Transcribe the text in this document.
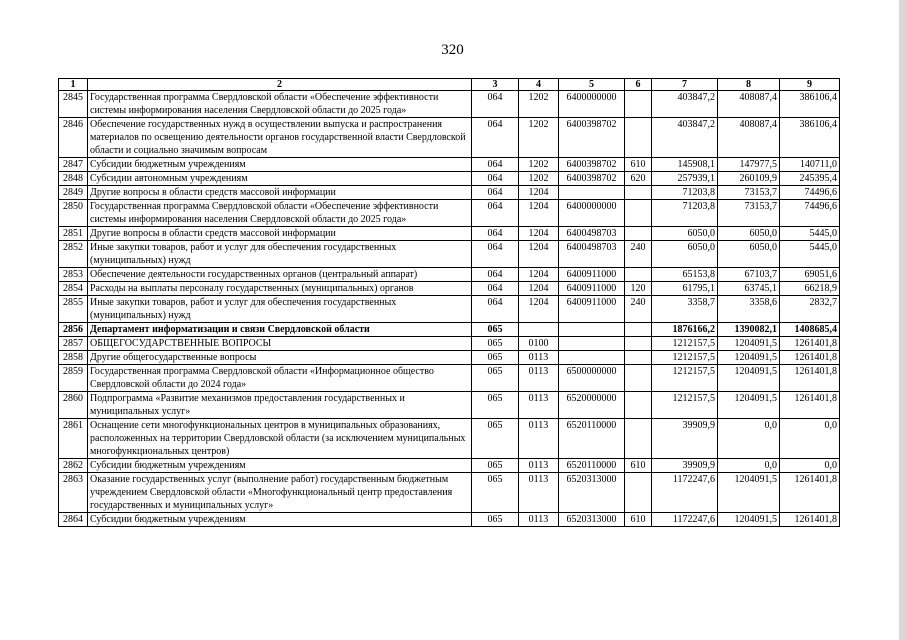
320
1	2	3	4	5	6	7	8	9
2845	Государственная программа Свердловской области «Обеспечение эффективности системы информирования населения Свердловской области до 2025 года»	064	1202	6400000000		403847,2	408087,4	386106,4
2846	Обеспечение государственных нужд в осуществлении выпуска и распространения материалов по освещению деятельности органов государственной власти Свердловской области и социально значимым вопросам	064	1202	6400398702		403847,2	408087,4	386106,4
2847	Субсидии бюджетным учреждениям	064	1202	6400398702	610	145908,1	147977,5	140711,0
2848	Субсидии автономным учреждениям	064	1202	6400398702	620	257939,1	260109,9	245395,4
2849	Другие вопросы в области средств массовой информации	064	1204			71203,8	73153,7	74496,6
2850	Государственная программа Свердловской области «Обеспечение эффективности системы информирования населения Свердловской области до 2025 года»	064	1204	6400000000		71203,8	73153,7	74496,6
2851	Другие вопросы в области средств массовой информации	064	1204	6400498703		6050,0	6050,0	5445,0
2852	Иные закупки товаров, работ и услуг для обеспечения государственных (муниципальных) нужд	064	1204	6400498703	240	6050,0	6050,0	5445,0
2853	Обеспечение деятельности государственных органов (центральный аппарат)	064	1204	6400911000		65153,8	67103,7	69051,6
2854	Расходы на выплаты персоналу государственных (муниципальных) органов	064	1204	6400911000	120	61795,1	63745,1	66218,9
2855	Иные закупки товаров, работ и услуг для обеспечения государственных (муниципальных) нужд	064	1204	6400911000	240	3358,7	3358,6	2832,7
2856	Департамент информатизации и связи Свердловской области	065				1876166,2	1390082,1	1408685,4
2857	ОБЩЕГОСУДАРСТВЕННЫЕ ВОПРОСЫ	065	0100			1212157,5	1204091,5	1261401,8
2858	Другие общегосударственные вопросы	065	0113			1212157,5	1204091,5	1261401,8
2859	Государственная программа Свердловской области «Информационное общество Свердловской области до 2024 года»	065	0113	6500000000		1212157,5	1204091,5	1261401,8
2860	Подпрограмма «Развитие механизмов предоставления государственных и муниципальных услуг»	065	0113	6520000000		1212157,5	1204091,5	1261401,8
2861	Оснащение сети многофункциональных центров в муниципальных образованиях, расположенных на территории Свердловской области (за исключением муниципальных многофункциональных центров)	065	0113	6520110000		39909,9	0,0	0,0
2862	Субсидии бюджетным учреждениям	065	0113	6520110000	610	39909,9	0,0	0,0
2863	Оказание государственных услуг (выполнение работ) государственным бюджетным учреждением Свердловской области «Многофункциональный центр предоставления государственных и муниципальных услуг»	065	0113	6520313000		1172247,6	1204091,5	1261401,8
2864	Субсидии бюджетным учреждениям	065	0113	6520313000	610	1172247,6	1204091,5	1261401,8
